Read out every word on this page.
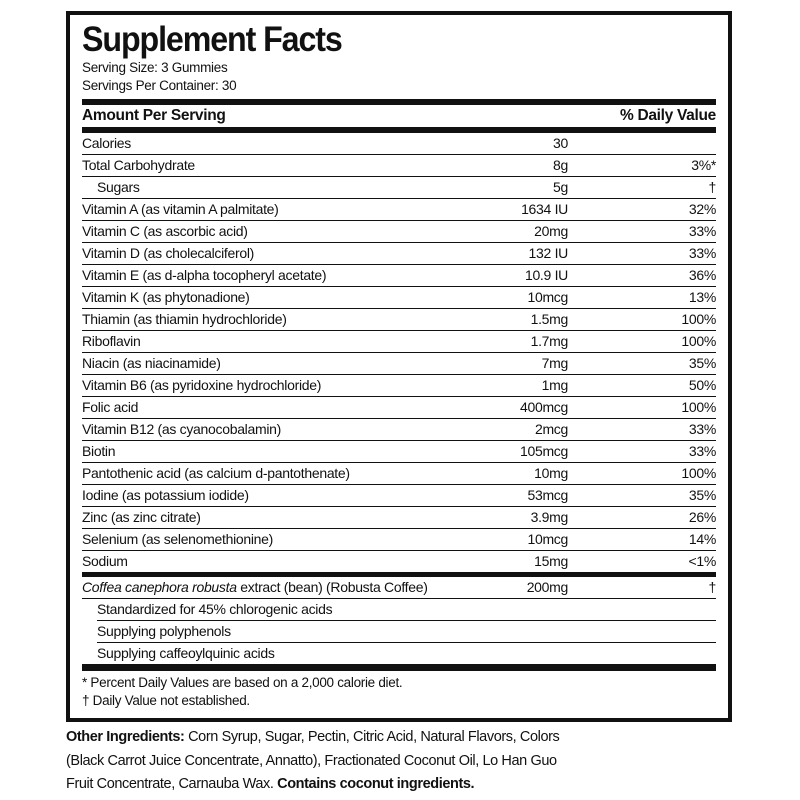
Supplement Facts
Serving Size: 3 Gummies
Servings Per Container: 30
Amount Per Serving	% Daily Value
Calories	30
Total Carbohydrate	8g	3%*
Sugars	5g	†
Vitamin A (as vitamin A palmitate)	1634 IU	32%
Vitamin C (as ascorbic acid)	20mg	33%
Vitamin D (as cholecalciferol)	132 IU	33%
Vitamin E (as d-alpha tocopheryl acetate)	10.9 IU	36%
Vitamin K (as phytonadione)	10mcg	13%
Thiamin (as thiamin hydrochloride)	1.5mg	100%
Riboflavin	1.7mg	100%
Niacin (as niacinamide)	7mg	35%
Vitamin B6 (as pyridoxine hydrochloride)	1mg	50%
Folic acid	400mcg	100%
Vitamin B12 (as cyanocobalamin)	2mcg	33%
Biotin	105mcg	33%
Pantothenic acid (as calcium d-pantothenate)	10mg	100%
Iodine (as potassium iodide)	53mcg	35%
Zinc (as zinc citrate)	3.9mg	26%
Selenium (as selenomethionine)	10mcg	14%
Sodium	15mg	<1%
Coffea canephora robusta extract (bean) (Robusta Coffee)	200mg	†
Standardized for 45% chlorogenic acids
Supplying polyphenols
Supplying caffeoylquinic acids
* Percent Daily Values are based on a 2,000 calorie diet.
† Daily Value not established.
Other Ingredients: Corn Syrup, Sugar, Pectin, Citric Acid, Natural Flavors, Colors (Black Carrot Juice Concentrate, Annatto), Fractionated Coconut Oil, Lo Han Guo Fruit Concentrate, Carnauba Wax. Contains coconut ingredients.
